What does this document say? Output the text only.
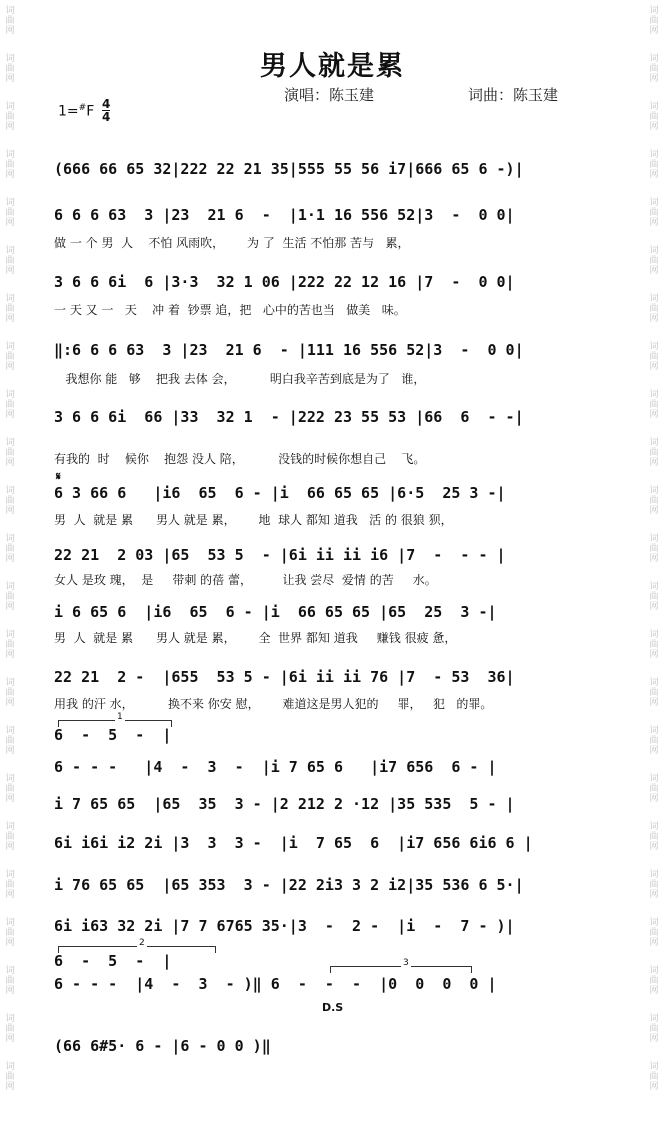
词
曲
网
词
曲
网
词
曲
网
词
曲
网
词
曲
网
词
曲
网
词
曲
网
词
曲
网
词
曲
网
词
曲
网
词
曲
网
词
曲
网
词
曲
网
词
曲
网
词
曲
网
词
曲
网
词
曲
网
词
曲
网
词
曲
网
词
曲
网
词
曲
网
词
曲
网
词
曲
网
词
曲
网
词
曲
网
词
曲
网
词
曲
网
词
曲
网
词
曲
网
词
曲
网
词
曲
网
词
曲
网
词
曲
网
词
曲
网
词
曲
网
词
曲
网
词
曲
网
词
曲
网
词
曲
网
词
曲
网
词
曲
网
词
曲
网
词
曲
网
词
曲
网
词
曲
网
词
曲
网
男人就是累
演唱：陈玉建	词曲：陈玉建
1=#F 4
4
(666 66 65 32|222 22 21 35|555 55 56 i7|666 65 6 -)|
6 6 6 63  3 |23  21 6  -  |1·1 16 556 52|3  -  0 0|
做 一 个 男  人    不怕 风雨吹，      为 了  生活 不怕那 苦与   累，
3 6 6 6i  6 |3·3  32 1 06 |222 22 12 16 |7  -  0 0|
一 天 又 一   天    冲 着  钞票 追，把   心中的苦也当   做美   味。
‖:6 6 6 63  3 |23  21 6  - |111 16 556 52|3  -  0 0|
我想你 能   够    把我 去体 会，         明白我辛苦到底是为了   谁，
3 6 6 6i  66 |33  32 1  - |222 23 55 53 |66  6  - -|
有我的  时    候你    抱怨 没人 陪，         没钱的时候你想自己    飞。
𝄋
6 3 66 6   |i6  65  6 - |i  66 65 65 |6·5  25 3 -|
男  人  就是 累      男人 就是 累，      地  球人 都知 道我   活 的 很狼 狈，
22 21  2 03 |65  53 5  - |6i ii ii i6 |7  -  - - |
女人 是玫 瑰，  是     带刺 的蓓 蕾，        让我 尝尽  爱情 的苦     水。
i 6 65 6  |i6  65  6 - |i  66 65 65 |65  25  3 -|
男  人  就是 累      男人 就是 累，      全  世界 都知 道我     赚钱 很疲 惫，
22 21  2 -  |655  53 5 - |6i ii ii 76 |7  - 53  36|
用我 的汗 水，         换不来 你安 慰，      难道这是男人犯的     罪，   犯   的罪。
1
6  -  5  -  |
6 - - -   |4  -  3  -  |i 7 65 6   |i7 656  6 - |
i 7 65 65  |65  35  3 - |2 212 2 ·12 |35 535  5 - |
6i i6i i2 2i |3  3  3 -  |i  7 65  6  |i7 656 6i6 6 |
i 76 65 65  |65 353  3 - |22 2i3 3 2 i2|35 536 6 5·|
6i i63 32 2i |7 7 6765 35·|3  -  2 -  |i  -  7 - )|
2
6  -  5  -  |	3
6 - - -  |4  -  3  - )‖ 6  -  -  -  |0  0  0  0 |
D.S
(66 6#5· 6 - |6 - 0 0 )‖
